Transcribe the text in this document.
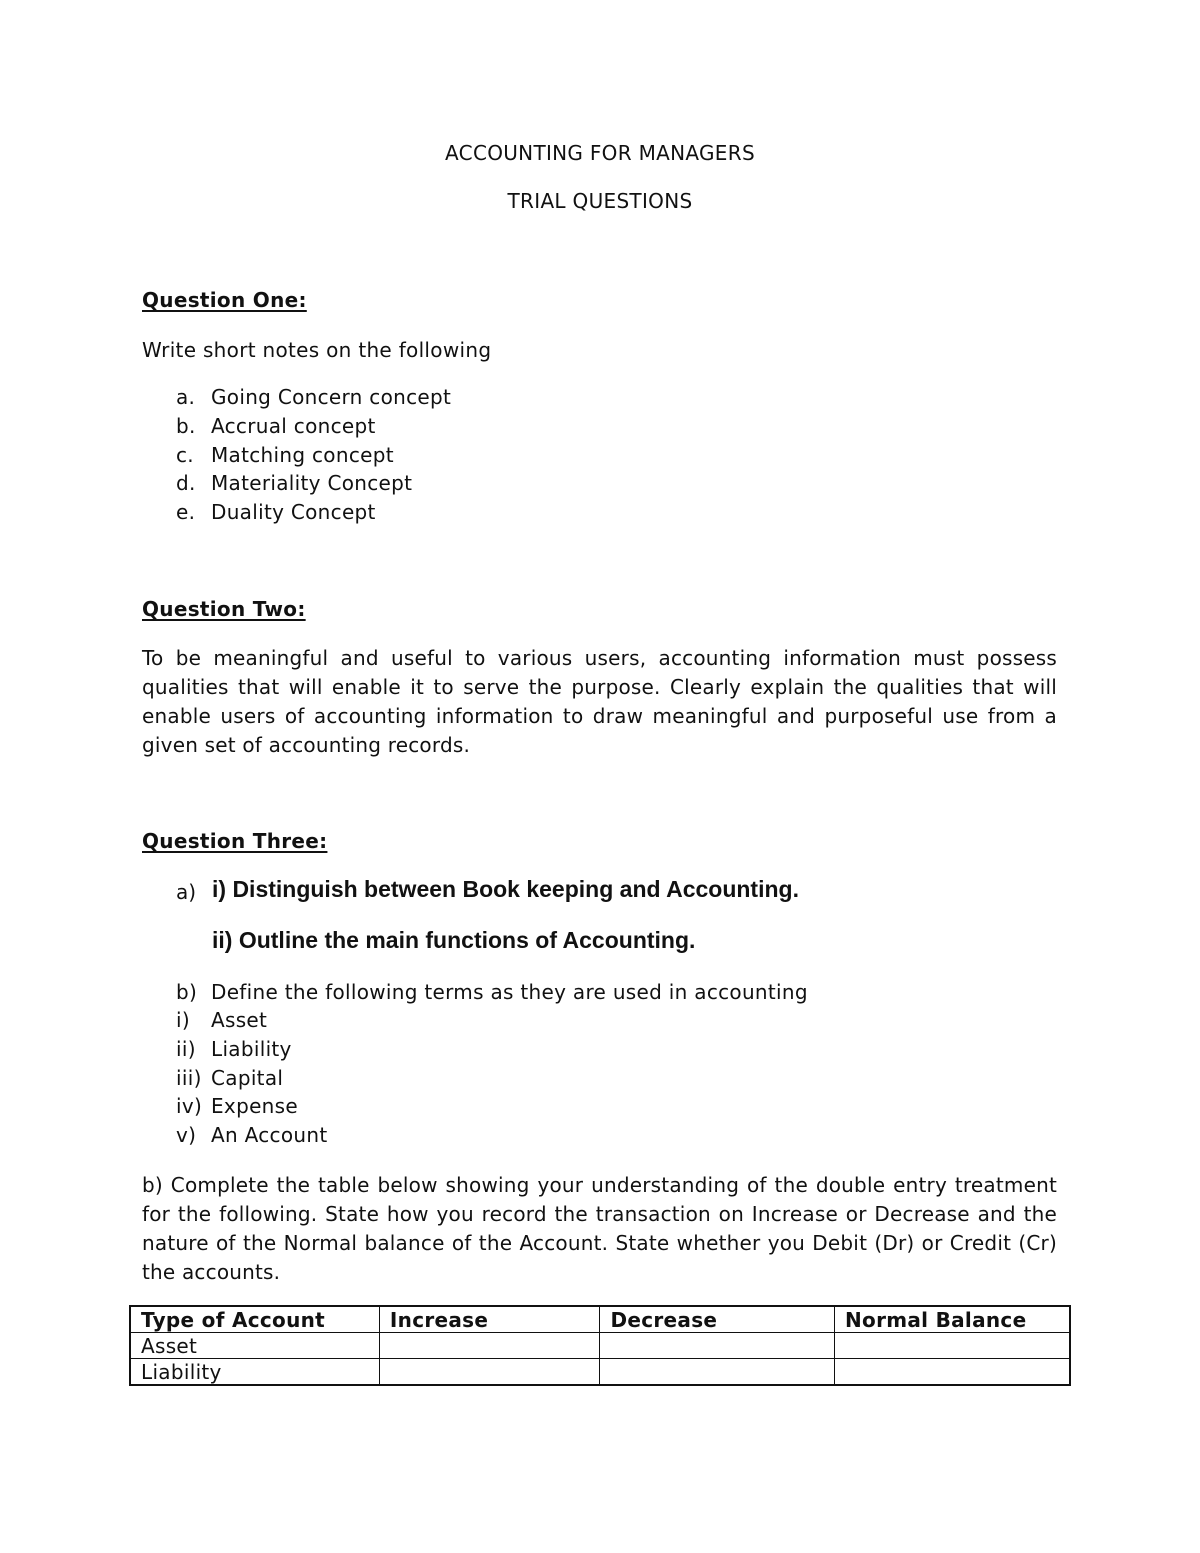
ACCOUNTING FOR MANAGERS
TRIAL QUESTIONS
Question One:
Write short notes on the following
a. Going Concern concept
b. Accrual concept
c. Matching concept
d. Materiality Concept
e. Duality Concept
Question Two:
To be meaningful and useful to various users, accounting information must possess qualities that will enable it to serve the purpose. Clearly explain the qualities that will enable users of accounting information to draw meaningful and purposeful use from a given set of accounting records.
Question Three:
a) i) Distinguish between Book keeping and Accounting.
ii) Outline the main functions of Accounting.
b) Define the following terms as they are used in accounting
i) Asset
ii) Liability
iii) Capital
iv) Expense
v) An Account
b) Complete the table below showing your understanding of the double entry treatment for the following. State how you record the transaction on Increase or Decrease and the nature of the Normal balance of the Account. State whether you Debit (Dr) or Credit (Cr) the accounts.
Type of Account	Increase	Decrease	Normal Balance
Asset			
Liability			
